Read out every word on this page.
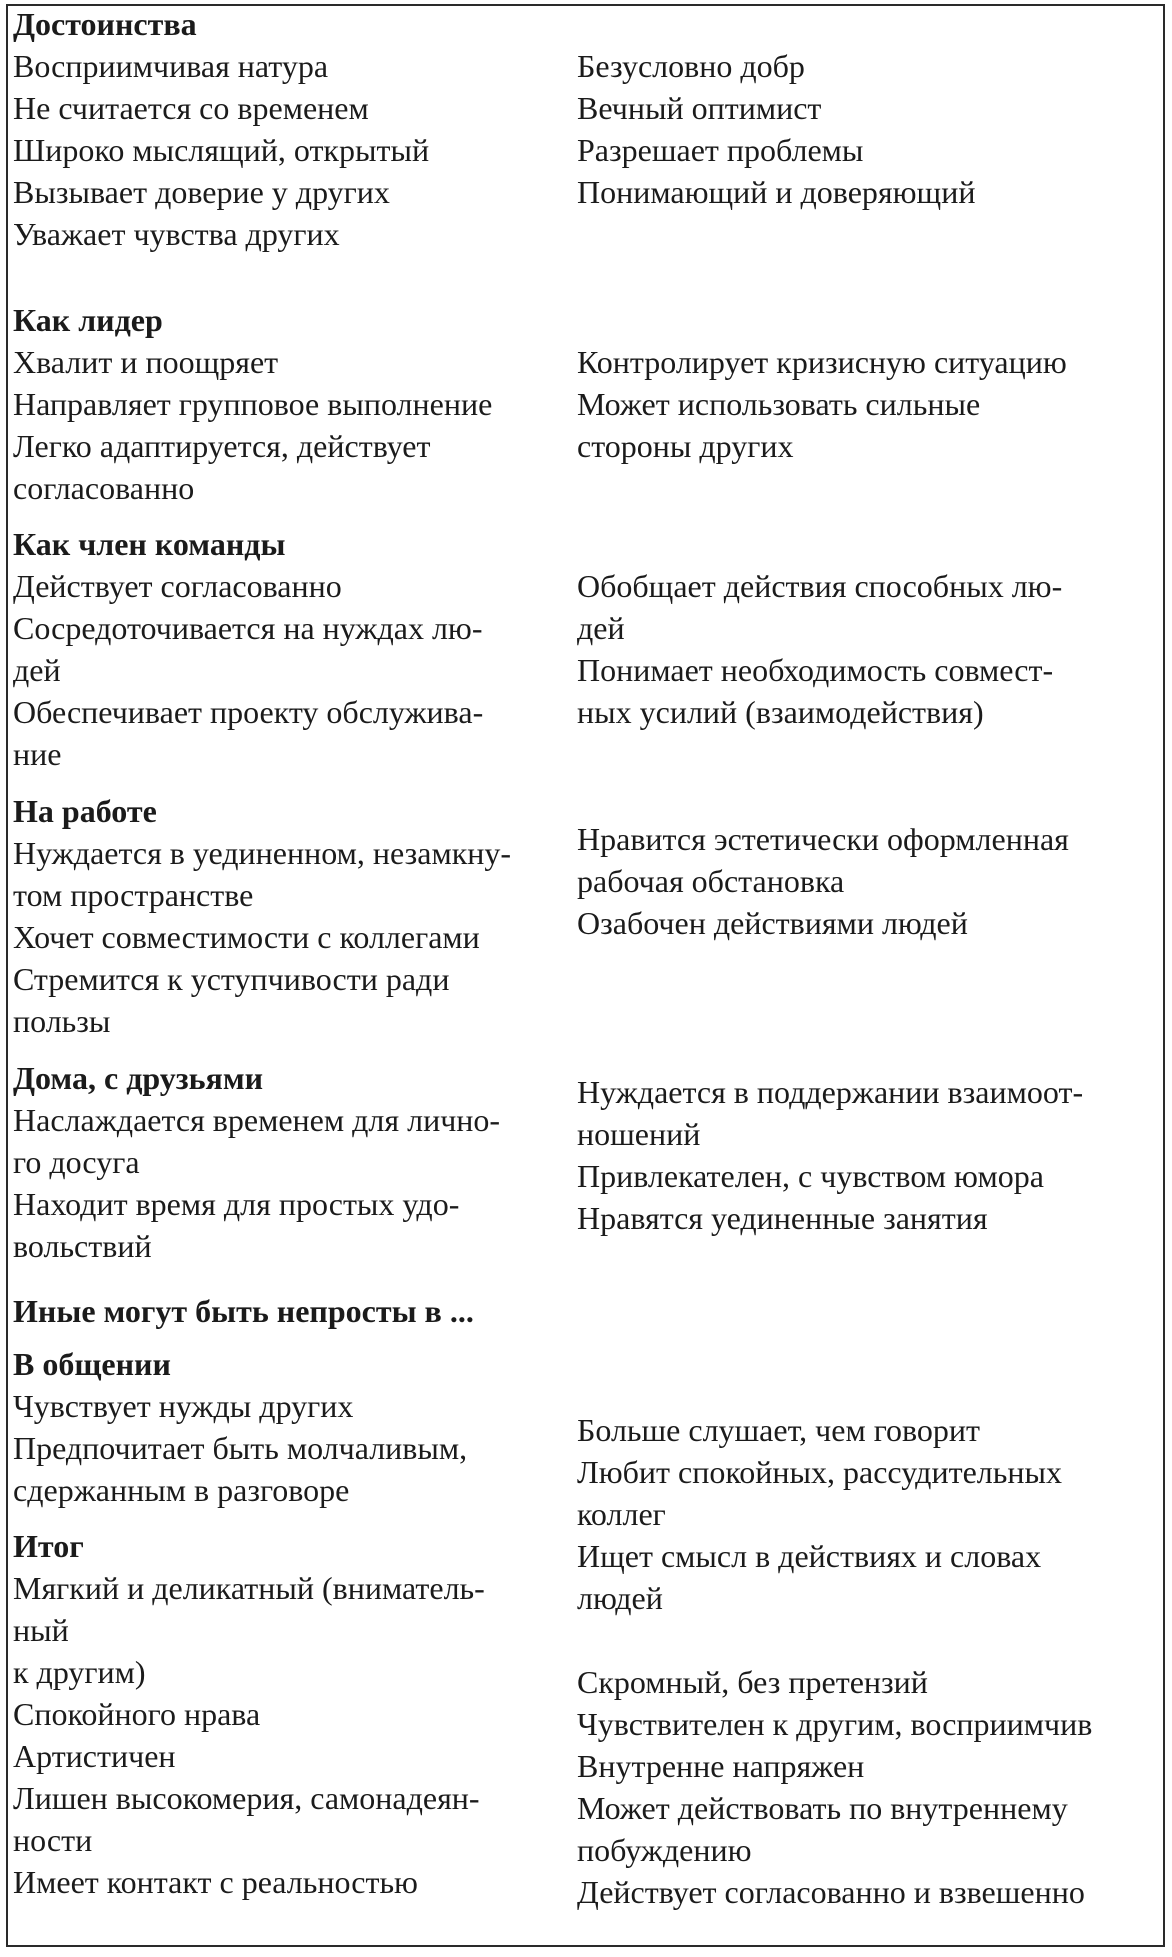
Достоинства
Восприимчивая натура
Не считается со временем
Широко мыслящий, открытый
Вызывает доверие у других
Уважает чувства других
Безусловно добр
Вечный оптимист
Разрешает проблемы
Понимающий и доверяющий
Как лидер
Хвалит и поощряет
Направляет групповое выполнение
Легко адаптируется, действует
согласованно
Контролирует кризисную ситуацию
Может использовать сильные
стороны других
Как член команды
Действует согласованно
Сосредоточивается на нуждах лю-
дей
Обеспечивает проекту обслужива-
ние
Обобщает действия способных лю-
дей
Понимает необходимость совмест-
ных усилий (взаимодействия)
На работе
Нуждается в уединенном, незамкну-
том пространстве
Хочет совместимости с коллегами
Стремится к уступчивости ради
пользы
Нравится эстетически оформленная
рабочая обстановка
Озабочен действиями людей
Дома, с друзьями
Наслаждается временем для лично-
го досуга
Находит время для простых удо-
вольствий
Нуждается в поддержании взаимоот-
ношений
Привлекателен, с чувством юмора
Нравятся уединенные занятия
Иные могут быть непросты в ...
В общении
Чувствует нужды других
Предпочитает быть молчаливым,
сдержанным в разговоре
Больше слушает, чем говорит
Любит спокойных, рассудительных
коллег
Ищет смысл в действиях и словах
людей
Итог
Мягкий и деликатный (вниматель-
ный
к другим)
Спокойного нрава
Артистичен
Лишен высокомерия, самонадеян-
ности
Имеет контакт с реальностью
Скромный, без претензий
Чувствителен к другим, восприимчив
Внутренне напряжен
Может действовать по внутреннему
побуждению
Действует согласованно и взвешенно
